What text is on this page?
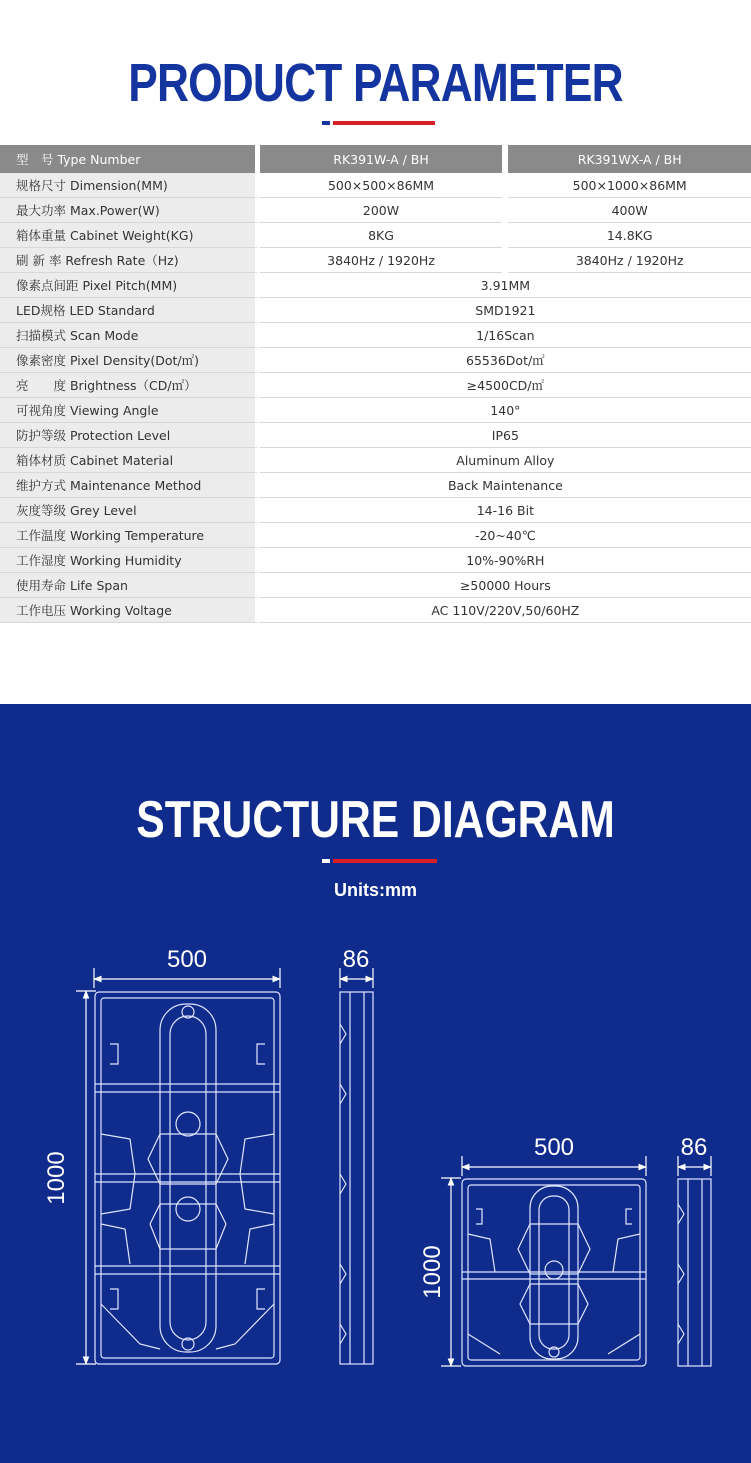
PRODUCT PARAMETER
型　号 Type Number	RK391W-A / BH		RK391WX-A / BH
规格尺寸 Dimension(MM)	500×500×86MM		500×1000×86MM
最大功率 Max.Power(W)	200W		400W
箱体重量 Cabinet Weight(KG)	8KG		14.8KG
刷 新 率 Refresh Rate（Hz)	3840Hz / 1920Hz		3840Hz / 1920Hz
像素点间距 Pixel Pitch(MM)	3.91MM		
LED规格 LED Standard	SMD1921		
扫描模式 Scan Mode	1/16Scan		
像素密度 Pixel Density(Dot/㎡)	65536Dot/㎡		
亮　　度 Brightness（CD/㎡）	≥4500CD/㎡		
可视角度 Viewing Angle	140°		
防护等级 Protection Level	IP65		
箱体材质 Cabinet Material	Aluminum Alloy		
维护方式 Maintenance Method	Back Maintenance		
灰度等级 Grey Level	14-16 Bit		
工作温度 Working Temperature	-20~40℃		
工作湿度 Working Humidity	10%-90%RH		
使用寿命 Life Span	≥50000 Hours		
工作电压 Working Voltage	AC 110V/220V,50/60HZ		
STRUCTURE DIAGRAM
Units:mm
500
1000
86
500
1000
86
